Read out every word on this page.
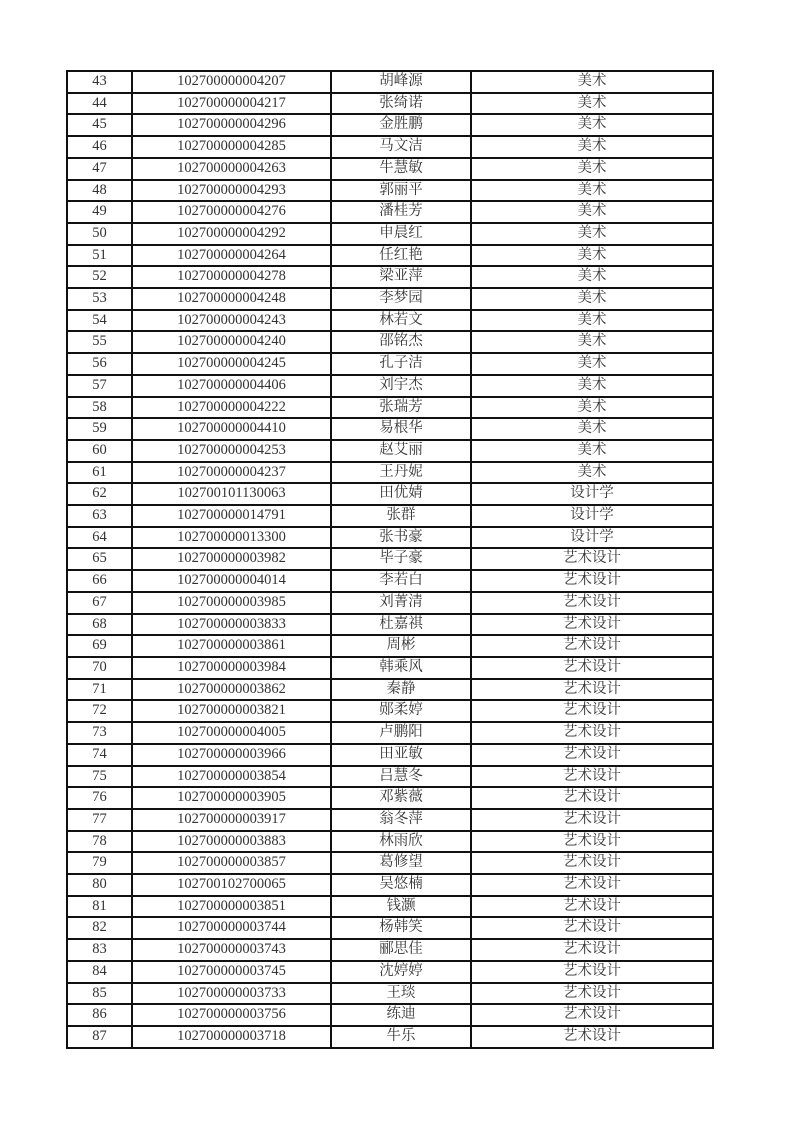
43	102700000004207	胡峰源	美术
44	102700000004217	张绮诺	美术
45	102700000004296	金胜鹏	美术
46	102700000004285	马文洁	美术
47	102700000004263	牛慧敏	美术
48	102700000004293	郭丽平	美术
49	102700000004276	潘桂芳	美术
50	102700000004292	申晨红	美术
51	102700000004264	任红艳	美术
52	102700000004278	梁亚萍	美术
53	102700000004248	李梦园	美术
54	102700000004243	林若文	美术
55	102700000004240	邵铭杰	美术
56	102700000004245	孔子洁	美术
57	102700000004406	刘宇杰	美术
58	102700000004222	张瑞芳	美术
59	102700000004410	易根华	美术
60	102700000004253	赵艾丽	美术
61	102700000004237	王丹妮	美术
62	102700101130063	田优婧	设计学
63	102700000014791	张群	设计学
64	102700000013300	张书豪	设计学
65	102700000003982	毕子豪	艺术设计
66	102700000004014	李若白	艺术设计
67	102700000003985	刘菁清	艺术设计
68	102700000003833	杜嘉祺	艺术设计
69	102700000003861	周彬	艺术设计
70	102700000003984	韩乘风	艺术设计
71	102700000003862	秦静	艺术设计
72	102700000003821	郧柔婷	艺术设计
73	102700000004005	卢鹏阳	艺术设计
74	102700000003966	田亚敏	艺术设计
75	102700000003854	吕慧冬	艺术设计
76	102700000003905	邓紫薇	艺术设计
77	102700000003917	翁冬萍	艺术设计
78	102700000003883	林雨欣	艺术设计
79	102700000003857	葛修望	艺术设计
80	102700102700065	吴悠楠	艺术设计
81	102700000003851	钱灏	艺术设计
82	102700000003744	杨韩笑	艺术设计
83	102700000003743	郦思佳	艺术设计
84	102700000003745	沈婷婷	艺术设计
85	102700000003733	王琰	艺术设计
86	102700000003756	练迪	艺术设计
87	102700000003718	牛乐	艺术设计
